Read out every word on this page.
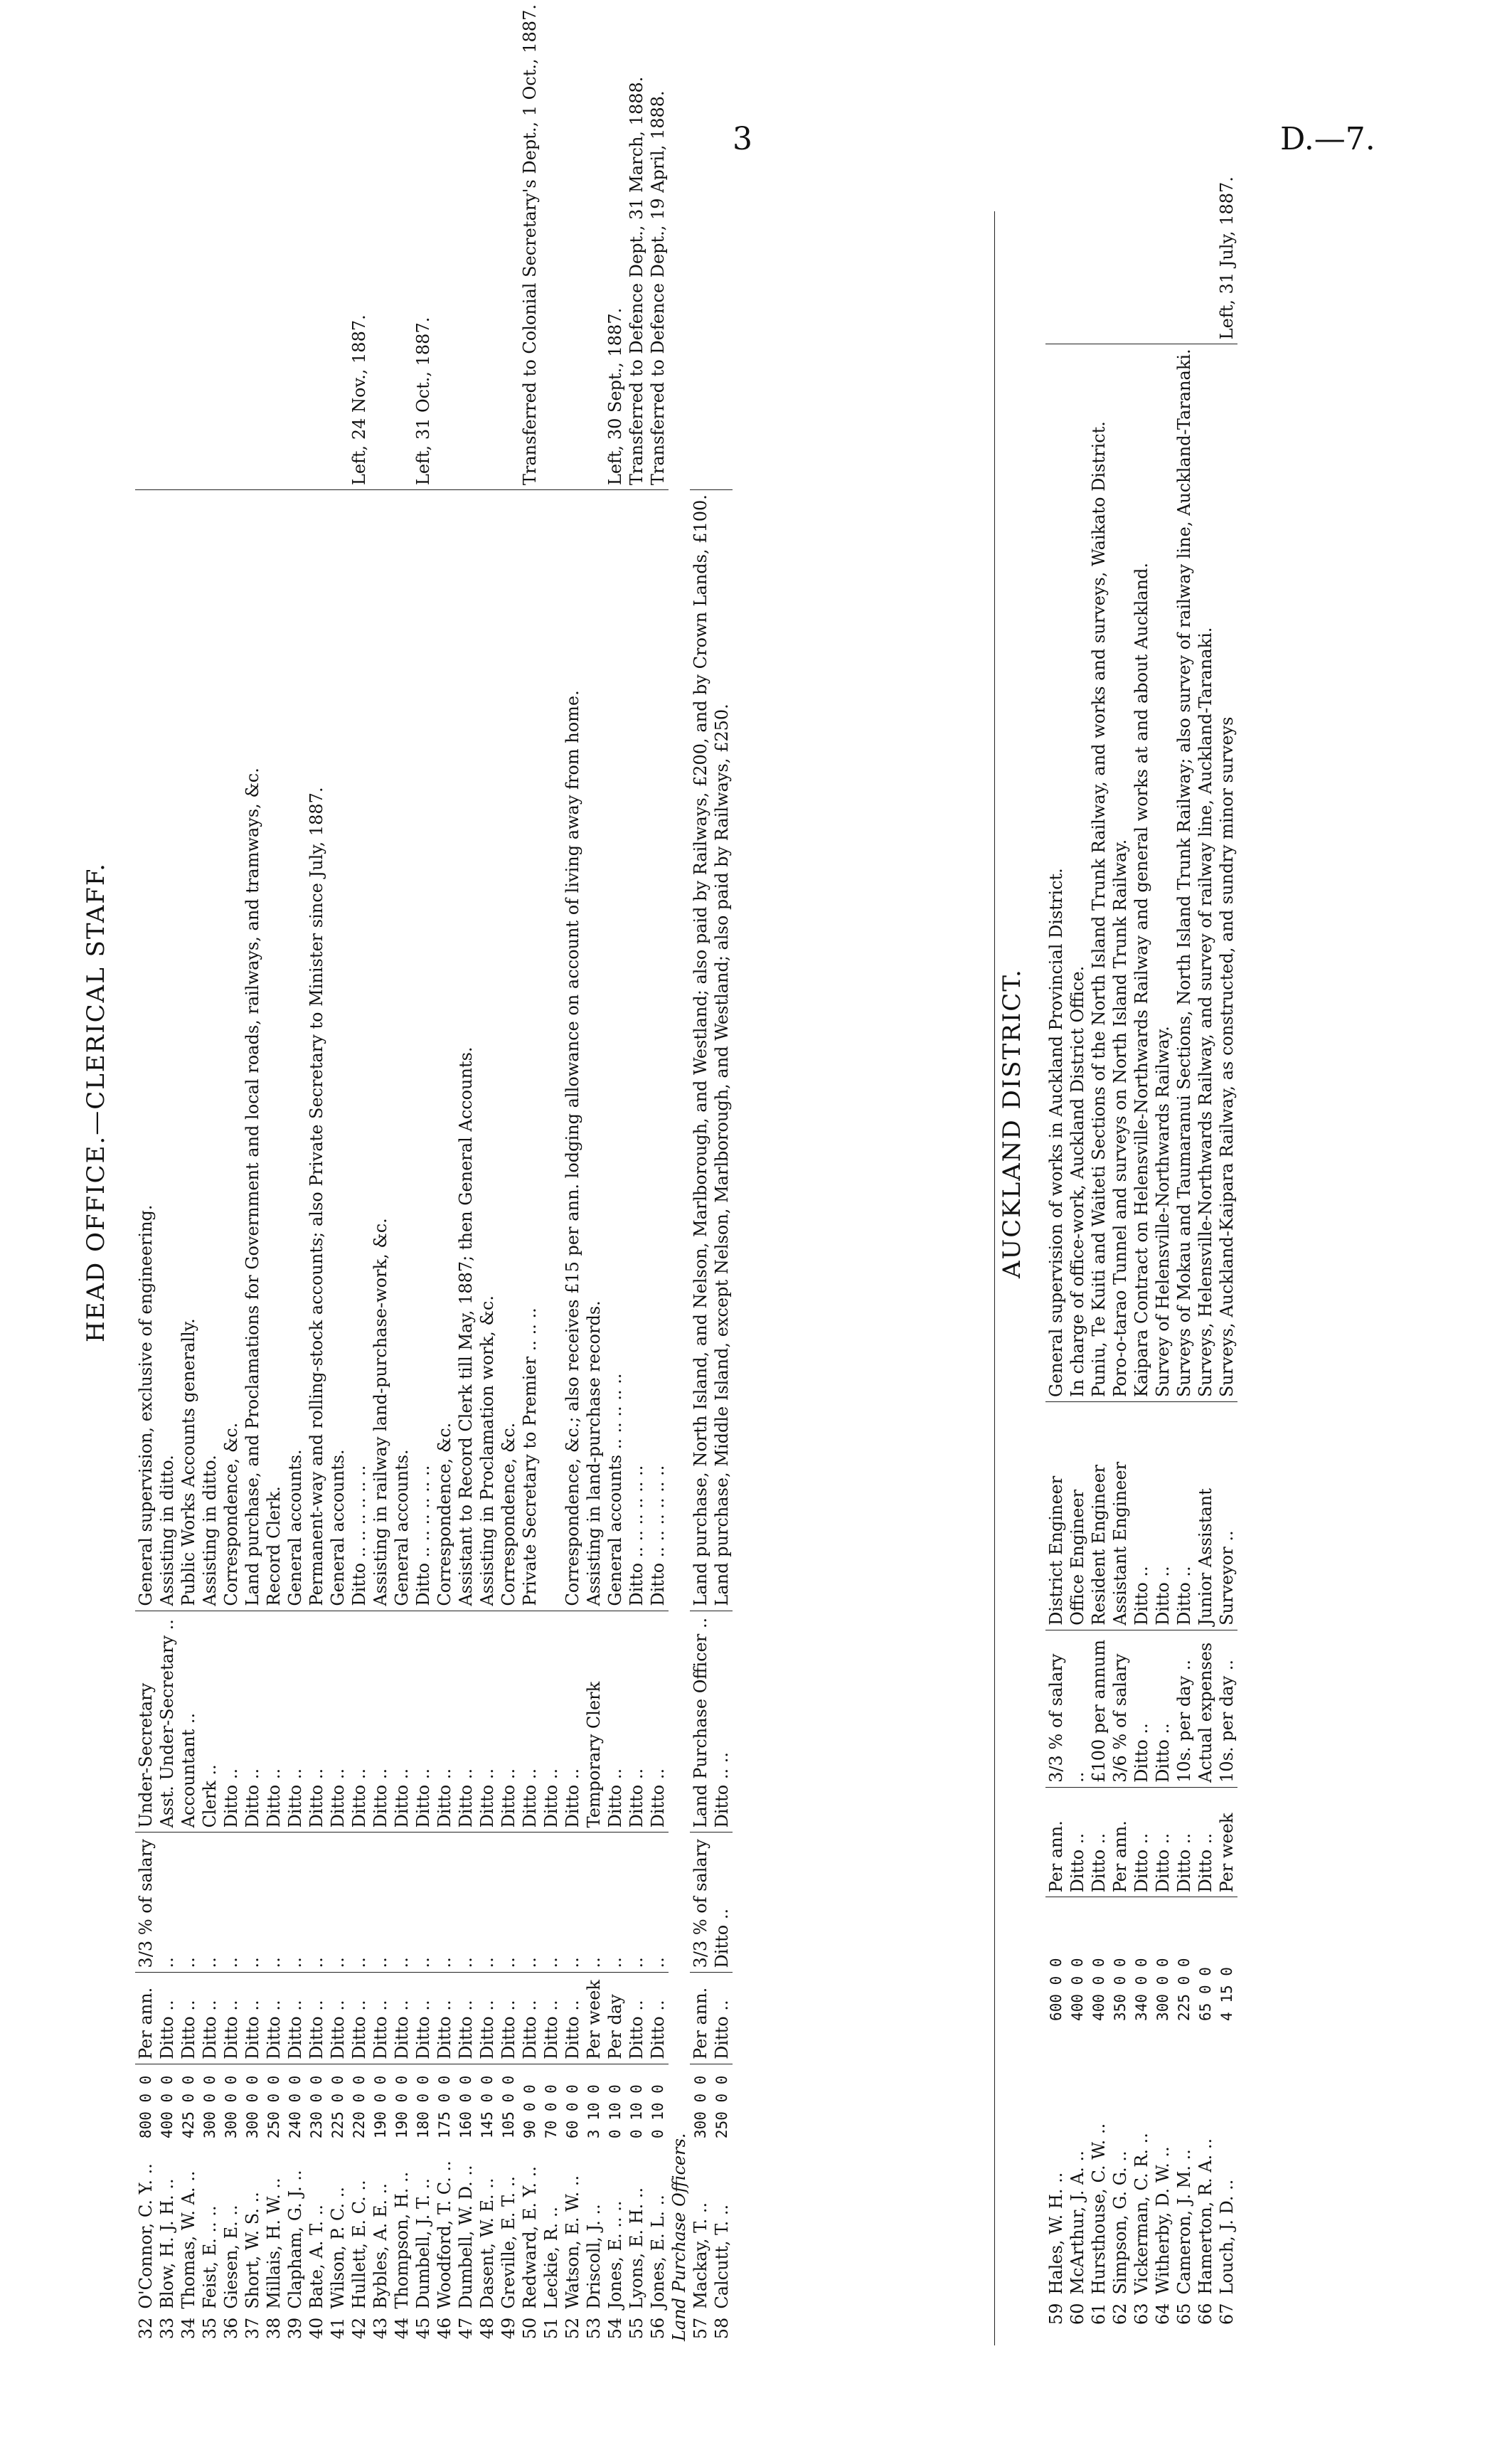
3	D.—7.
HEAD OFFICE.—CLERICAL STAFF.
32	O'Connor, C. Y. ..	800 0 0	Per ann.	3/3 % of salary	Under-Secretary	General supervision, exclusive of engineering.	
33	Blow, H. J. H. ..	400 0 0	Ditto ..	..	Asst. Under-Secretary ..	Assisting in ditto.	
34	Thomas, W. A. ..	425 0 0	Ditto ..	..	Accountant ..	Public Works Accounts generally.	
35	Feist, E. .. ..	300 0 0	Ditto ..	..	Clerk ..	Assisting in ditto.	
36	Giesen, E. ..	300 0 0	Ditto ..	..	Ditto ..	Correspondence, &c.	
37	Short, W. S. ..	300 0 0	Ditto ..	..	Ditto ..	Land purchase, and Proclamations for Government and local roads, railways, and tramways, &c.	
38	Millais, H. W. ..	250 0 0	Ditto ..	..	Ditto ..	Record Clerk.	
39	Clapham, G. J. ..	240 0 0	Ditto ..	..	Ditto ..	General accounts.	
40	Bate, A. T. ..	230 0 0	Ditto ..	..	Ditto ..	Permanent-way and rolling-stock accounts; also Private Secretary to Minister since July, 1887.	
41	Wilson, P. C. ..	225 0 0	Ditto ..	..	Ditto ..	General accounts.	
42	Hullett, E. C. ..	220 0 0	Ditto ..	..	Ditto ..	Ditto .. .. .. .. .. ..	Left, 24 Nov., 1887.
43	Bybles, A. E. ..	190 0 0	Ditto ..	..	Ditto ..	Assisting in railway land-purchase-work, &c.	
44	Thompson, H. ..	190 0 0	Ditto ..	..	Ditto ..	General accounts.	
45	Dumbell, J. T. ..	180 0 0	Ditto ..	..	Ditto ..	Ditto .. .. .. .. .. ..	Left, 31 Oct., 1887.
46	Woodford, T. C. ..	175 0 0	Ditto ..	..	Ditto ..	Correspondence, &c.	
47	Dumbell, W. D. ..	160 0 0	Ditto ..	..	Ditto ..	Assistant to Record Clerk till May, 1887; then General Accounts.	
48	Dasent, W. E. ..	145 0 0	Ditto ..	..	Ditto ..	Assisting in Proclamation work, &c.	
49	Greville, E. T. ..	105 0 0	Ditto ..	..	Ditto ..	Correspondence, &c.	
50	Redward, E. Y. ..	90 0 0	Ditto ..	..	Ditto ..	Private Secretary to Premier .. .. ..	Transferred to Colonial Secretary's Dept., 1 Oct., 1887.
51	Leckie, R. ..	70 0 0	Ditto ..	..	Ditto ..		
52	Watson, E. W. ..	60 0 0	Ditto ..	..	Ditto ..	Correspondence, &c.; also receives £15 per ann. lodging allowance on account of living away from home.	
53	Driscoll, J. ..	3 10 0	Per week	..	Temporary Clerk	Assisting in land-purchase records.	
54	Jones, E. .. ..	0 10 0	Per day	..	Ditto ..	General accounts .. .. .. .. ..	Left, 30 Sept., 1887.
55	Lyons, E. H. ..	0 10 0	Ditto ..	..	Ditto ..	Ditto .. .. .. .. .. ..	Transferred to Defence Dept., 31 March, 1888.
56	Jones, E. L. ..	0 10 0	Ditto ..	..	Ditto ..	Ditto .. .. .. .. .. ..	Transferred to Defence Dept., 19 April, 1888.
Land Purchase Officers.							
57	Mackay, T. ..	300 0 0	Per ann.	3/3 % of salary	Land Purchase Officer ..	Land purchase, North Island, and Nelson, Marlborough, and Westland; also paid by Railways, £200, and by Crown Lands, £100.	
58	Calcutt, T. ..	250 0 0	Ditto ..	Ditto ..	Ditto .. ..	Land purchase, Middle Island, except Nelson, Marlborough, and Westland; also paid by Railways, £250.		AUCKLAND DISTRICT.
59	Hales, W. H. ..	600 0 0	Per ann.	3/3 % of salary	District Engineer	General supervision of works in Auckland Provincial District.	
60	McArthur, J. A. ..	400 0 0	Ditto ..	..	Office Engineer	In charge of office-work, Auckland District Office.	
61	Hursthouse, C. W. ..	400 0 0	Ditto ..	£100 per annum	Resident Engineer	Puniu, Te Kuiti and Waiteti Sections of the North Island Trunk Railway, and works and surveys, Waikato District.	
62	Simpson, G. G. ..	350 0 0	Per ann.	3/6 % of salary	Assistant Engineer	Poro-o-tarao Tunnel and surveys on North Island Trunk Railway.	
63	Vickerman, C. R. ..	340 0 0	Ditto ..	Ditto ..	Ditto ..	Kaipara Contract on Helensville-Northwards Railway and general works at and about Auckland.	
64	Witherby, D. W. ..	300 0 0	Ditto ..	Ditto ..	Ditto ..	Survey of Helensville-Northwards Railway.	
65	Cameron, J. M. ..	225 0 0	Ditto ..	10s. per day ..	Ditto ..	Surveys of Mokau and Taumaranui Sections, North Island Trunk Railway; also survey of railway line, Auckland-Taranaki.	
66	Hamerton, R. A. ..	65 0 0	Ditto ..	Actual expenses	Junior Assistant	Surveys, Helensville-Northwards Railway, and survey of railway line, Auckland-Taranaki.	
67	Louch, J. D. ..	4 15 0	Per week	10s. per day ..	Surveyor ..	Surveys, Auckland-Kaipara Railway, as constructed, and sundry minor surveys	Left, 31 July, 1887.
